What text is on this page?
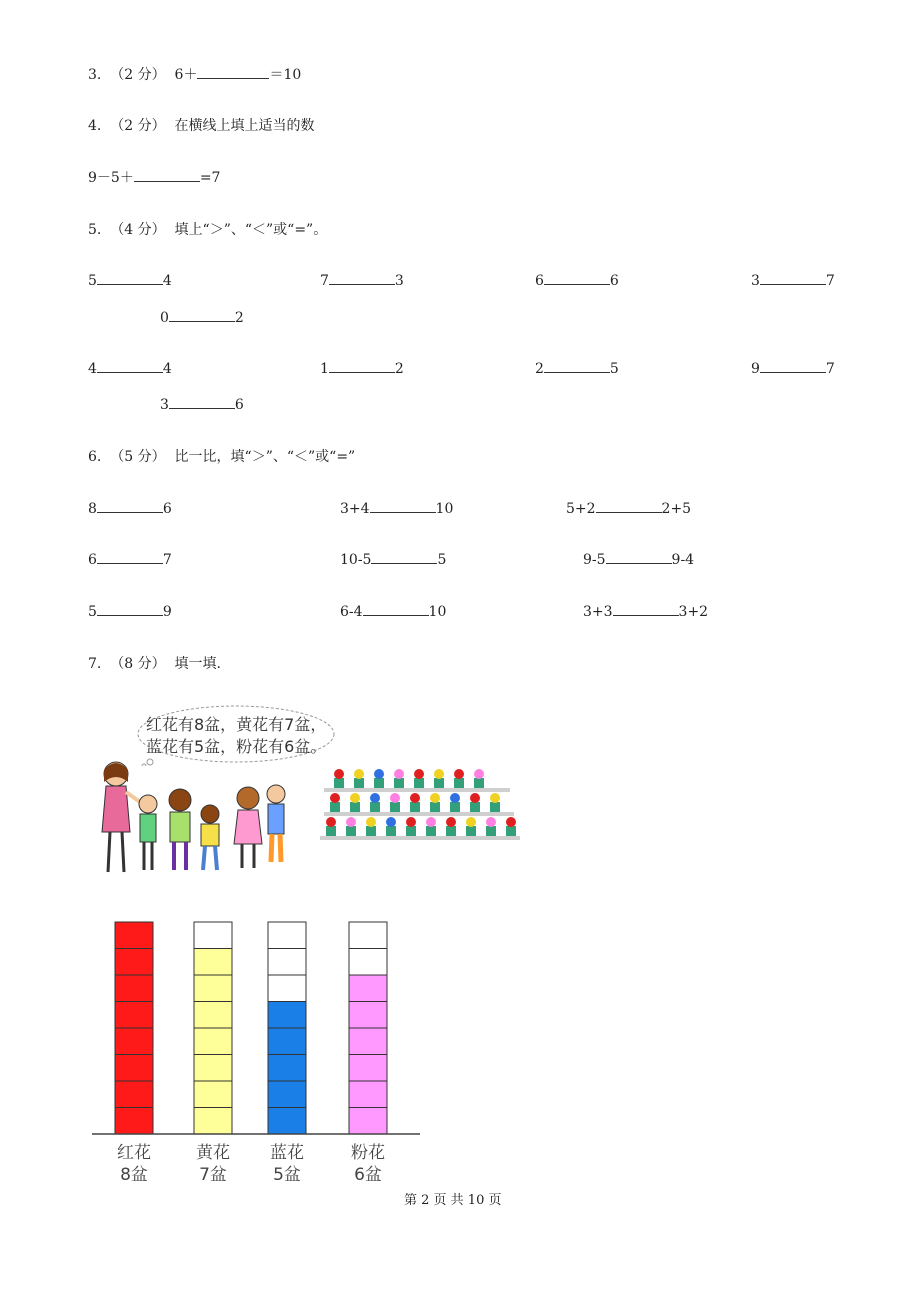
3. （2 分） 6＋	＝10
4. （2 分） 在横线上填上适当的数
9－5＋	=7
5. （4 分） 填上“＞”、“＜”或“=”。
5	4	7	3	6	6	3	7
0	2
4	4	1	2	2	5	9	7
3	6
6. （5 分） 比一比，填“＞”、“＜”或“=”
8	6	3+4	10	5+2	2+5
6	7	10-5	5	9-5	9-4
5	9	6-4	10	3+3	3+2
7. （8 分） 填一填.
红花有8盆，黄花有7盆，
蓝花有5盆，粉花有6盆。
红花
8盆
黄花
7盆
蓝花
5盆
粉花
6盆
第 2 页 共 10 页
